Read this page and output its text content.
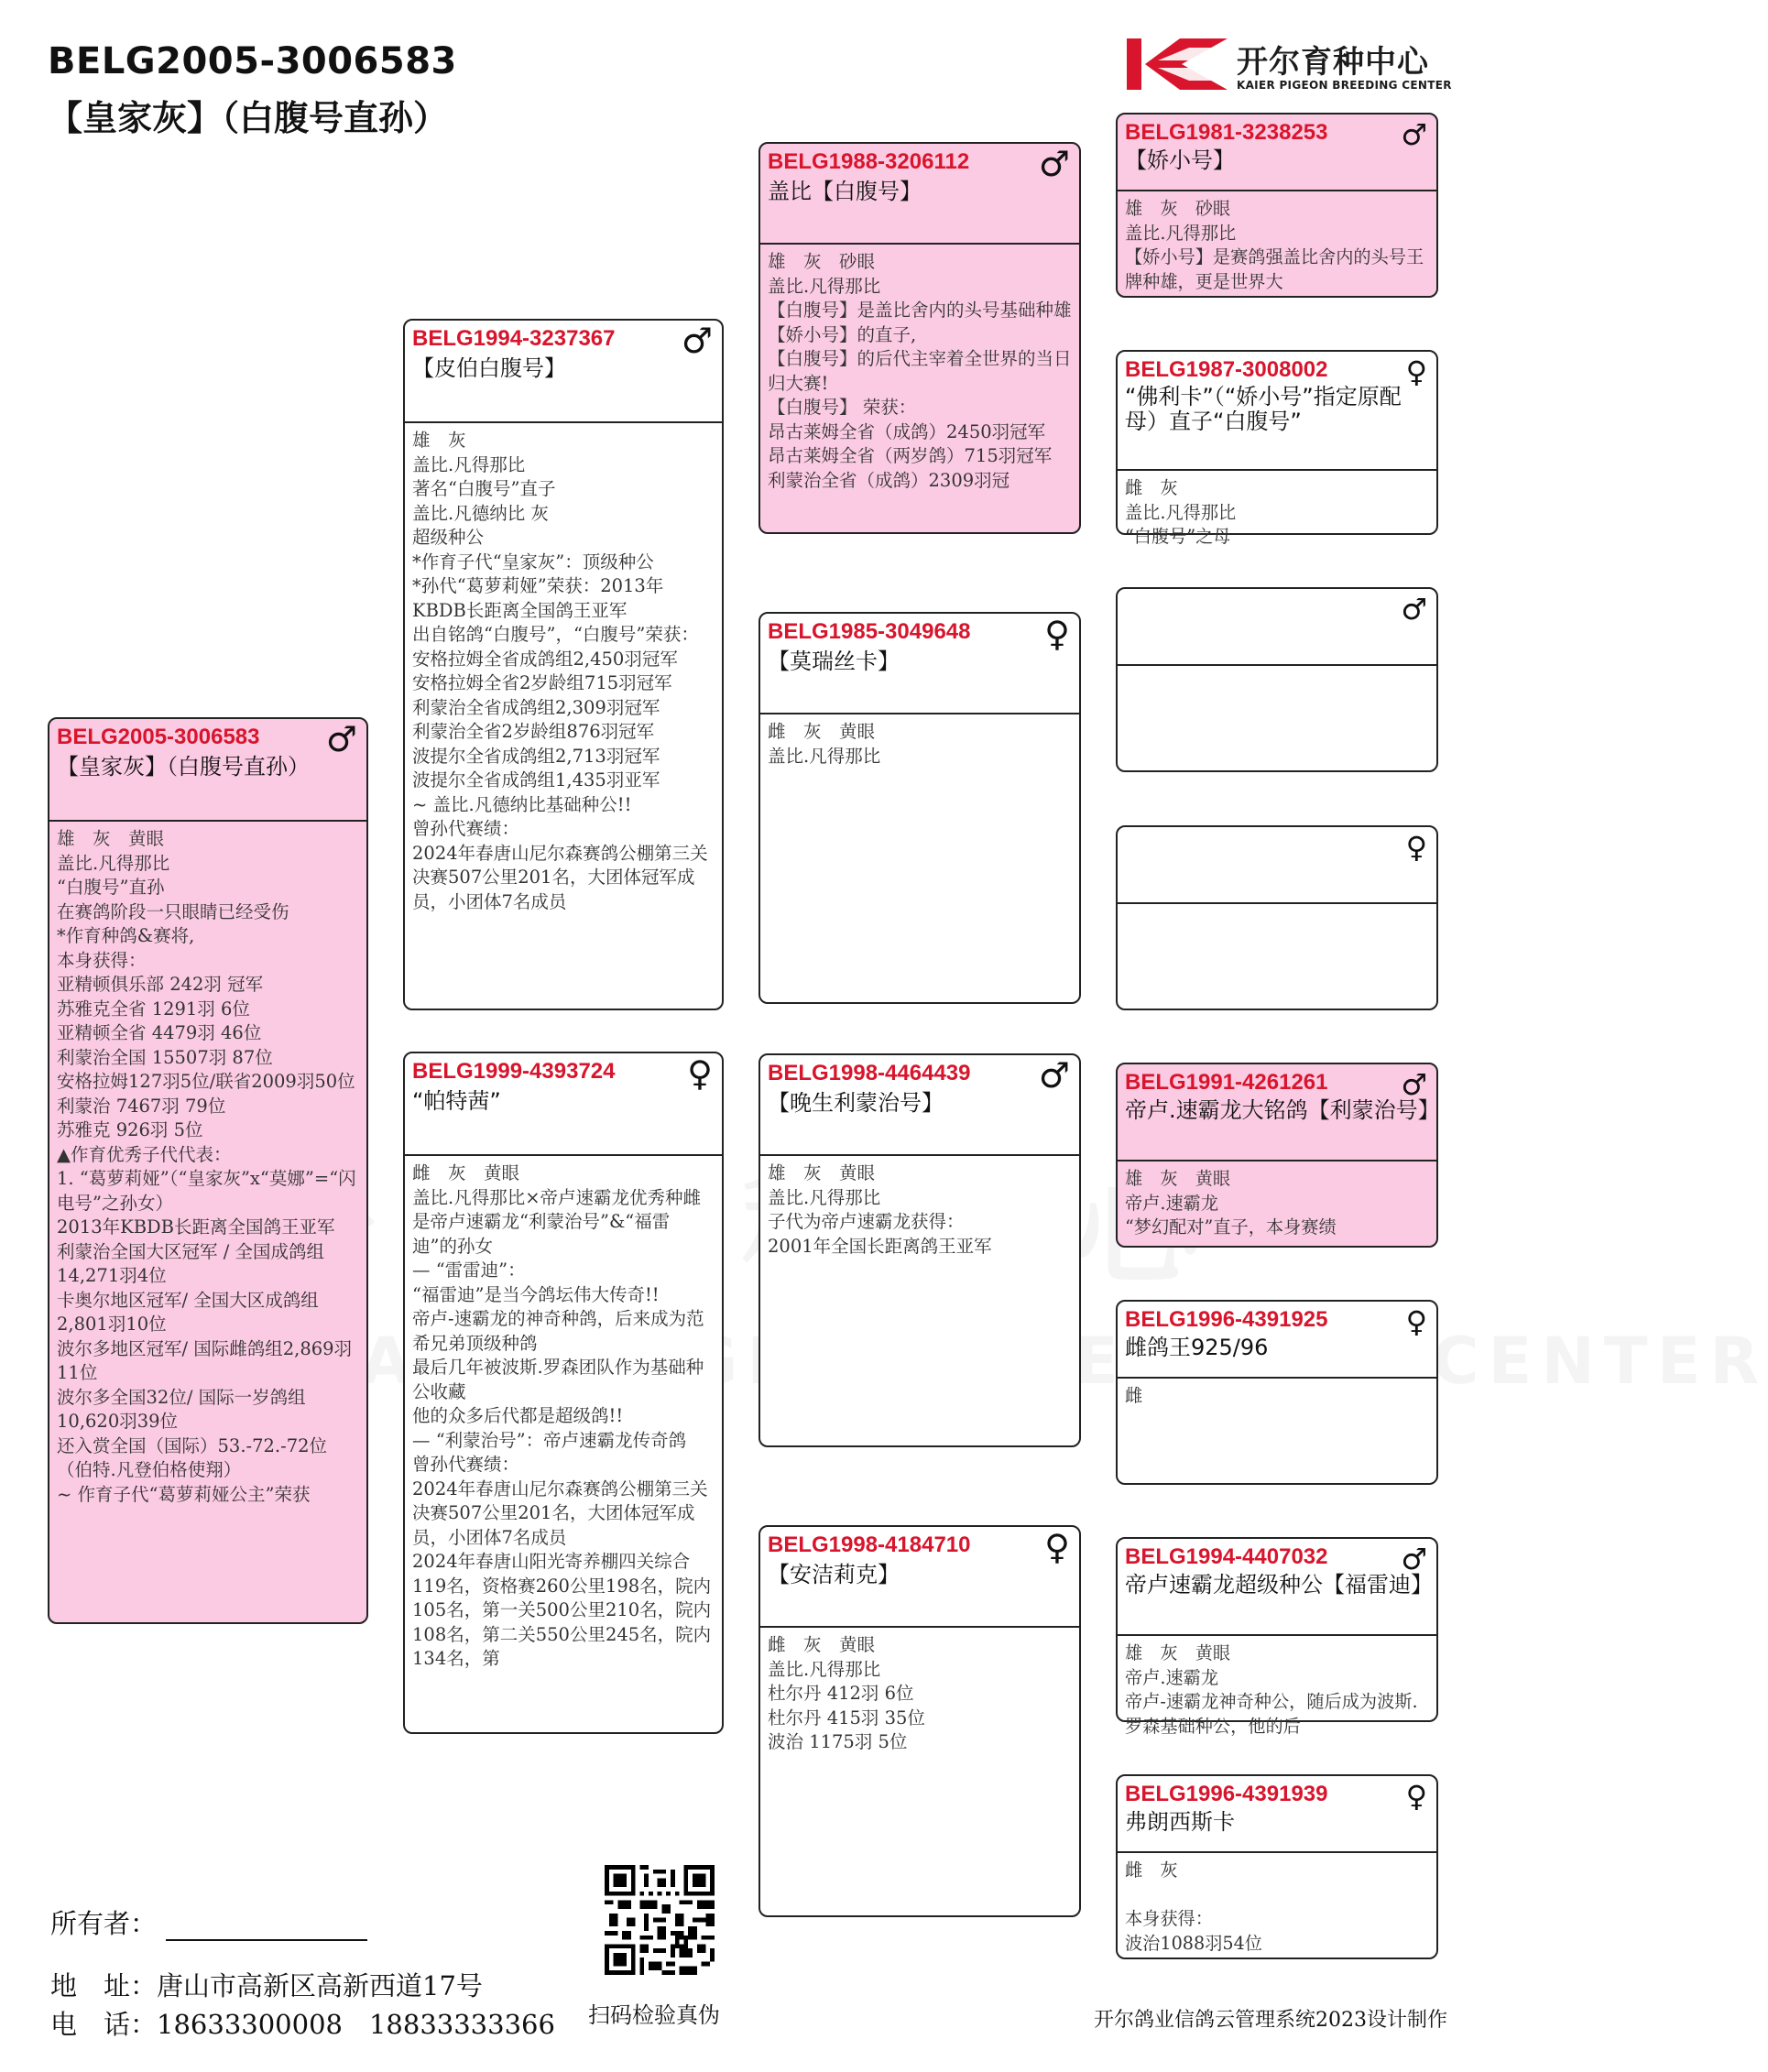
BELG2005-3006583
【皇家灰】（白腹号直孙）
开尔育种中心
KAIER PIGEON BREEDING CENTER
BELG2005-3006583
【皇家灰】（白腹号直孙）
♂
雄　灰　黄眼
盖比.凡得那比
“白腹号”直孙
在赛鸽阶段一只眼睛已经受伤
*作育种鸽&赛将,
本身获得：
亚精顿俱乐部 242羽 冠军
苏雅克全省 1291羽 6位
亚精顿全省 4479羽 46位
利蒙治全国 15507羽 87位
安格拉姆127羽5位/联省2009羽50位
利蒙治 7467羽 79位
苏雅克 926羽 5位
▲作育优秀子代代表：
1. “葛萝莉娅”（“皇家灰”x“莫娜”=“闪电号”之孙女）
2013年KBDB长距离全国鸽王亚军
利蒙治全国大区冠军 / 全国成鸽组14,271羽4位
卡奥尔地区冠军/ 全国大区成鸽组2,801羽10位
波尔多地区冠军/ 国际雌鸽组2,869羽11位
波尔多全国32位/ 国际一岁鸽组10,620羽39位
还入赏全国（国际）53.-72.-72位
（伯特.凡登伯格使翔）
~ 作育子代“葛萝莉娅公主”荣获
BELG1994-3237367
【皮伯白腹号】
♂
雄　灰
盖比.凡得那比
著名“白腹号”直子
盖比.凡德纳比 灰
超级种公
*作育子代“皇家灰”：顶级种公
*孙代“葛萝莉娅”荣获：2013年KBDB长距离全国鸽王亚军
出自铭鸽“白腹号”，“白腹号”荣获：
安格拉姆全省成鸽组2,450羽冠军
安格拉姆全省2岁龄组715羽冠军
利蒙治全省成鸽组2,309羽冠军
利蒙治全省2岁龄组876羽冠军
波提尔全省成鸽组2,713羽冠军
波提尔全省成鸽组1,435羽亚军
~ 盖比.凡德纳比基础种公!!
曾孙代赛绩：
2024年春唐山尼尔森赛鸽公棚第三关决赛507公里201名，大团体冠军成员，小团体7名成员
BELG1999-4393724
“帕特茜”
♀
雌　灰　黄眼
盖比.凡得那比×帝卢速霸龙优秀种雌
是帝卢速霸龙“利蒙治号”&“福雷迪”的孙女
— “雷雷迪”：
“福雷迪”是当今鸽坛伟大传奇!!
帝卢-速霸龙的神奇种鸽，后来成为范希兄弟顶级种鸽
最后几年被波斯.罗森团队作为基础种公收藏
他的众多后代都是超级鸽!!
— “利蒙治号”：帝卢速霸龙传奇鸽
曾孙代赛绩：
2024年春唐山尼尔森赛鸽公棚第三关决赛507公里201名，大团体冠军成员，小团体7名成员
2024年春唐山阳光寄养棚四关综合119名，资格赛260公里198名，院内105名，第一关500公里210名，院内108名，第二关550公里245名，院内134名，第
BELG1988-3206112
盖比【白腹号】
♂
雄　灰　砂眼
盖比.凡得那比
【白腹号】是盖比舍内的头号基础种雄【娇小号】的直子,
【白腹号】的后代主宰着全世界的当日归大赛!
【白腹号】 荣获：
昂古莱姆全省（成鸽）2450羽冠军
昂古莱姆全省（两岁鸽）715羽冠军
利蒙治全省（成鸽）2309羽冠
BELG1985-3049648
【莫瑞丝卡】
♀
雌　灰　黄眼
盖比.凡得那比
BELG1998-4464439
【晚生利蒙治号】
♂
雄　灰　黄眼
盖比.凡得那比
子代为帝卢速霸龙获得：
2001年全国长距离鸽王亚军
BELG1998-4184710
【安洁莉克】
♀
雌　灰　黄眼
盖比.凡得那比
杜尔丹 412羽 6位
杜尔丹 415羽 35位
波治 1175羽 5位
BELG1981-3238253
【娇小号】
♂
雄　灰　砂眼
盖比.凡得那比
【娇小号】是赛鸽强盖比舍内的头号王牌种雄，更是世界大
BELG1987-3008002
“佛利卡”（“娇小号”指定原配母）直子“白腹号”
♀
雌　灰
盖比.凡得那比
“白腹号”之母
♂
♀
BELG1991-4261261
帝卢.速霸龙大铭鸽【利蒙治号】
♂
雄　灰　黄眼
帝卢.速霸龙
“梦幻配对”直子，本身赛绩
BELG1996-4391925
雌鸽王925/96
♀
雌
BELG1994-4407032
帝卢速霸龙超级种公【福雷迪】
♂
雄　灰　黄眼
帝卢.速霸龙
帝卢-速霸龙神奇种公，随后成为波斯.罗森基础种公，他的后
BELG1996-4391939
弗朗西斯卡
♀
雌　灰

本身获得：
波治1088羽54位
所有者：
地　址：唐山市高新区高新西道17号
电　话：18633300008　18833333366 扫码检验真伪	开尔鸽业信鸽云管理系统2023设计制作
